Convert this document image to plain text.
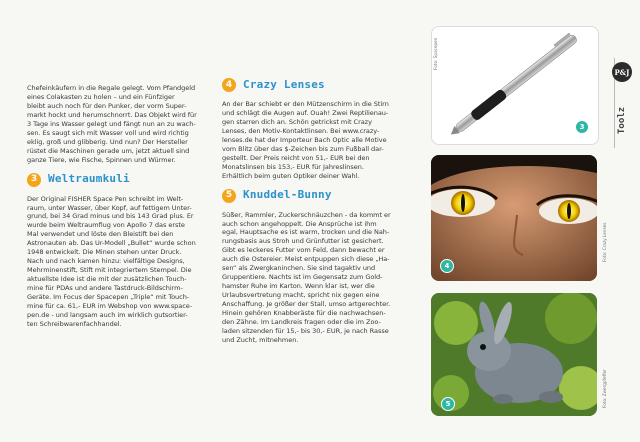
Chefeinkäufern in die Regale gelegt. Vom Pfandgeld
eines Colakasten zu holen – und ein Fünfziger
bleibt auch noch für den Punker, der vorm Super-
markt hockt und herumschnorrt. Das Objekt wird für
3 Tage ins Wasser gelegt und fängt nun an zu wach-
sen. Es saugt sich mit Wasser voll und wird richtig
eklig, groß und glibberig. Und nun? Der Hersteller
rüstet die Maschinen gerade um, jetzt aktuell sind
ganze Tiere, wie Fische, Spinnen und Würmer.

3 Weltraumkuli

Der Original FISHER Space Pen schreibt im Welt-
raum, unter Wasser, über Kopf, auf fettigem Unter-
grund, bei 34 Grad minus und bis 143 Grad plus. Er
wurde beim Weltraumflug von Apollo 7 das erste
Mal verwendet und löste den Bleistift bei den
Astronauten ab. Das Ur-Modell „Bullet“ wurde schon
1948 entwickelt. Die Minen stehen unter Druck.
Nach und nach kamen hinzu: vielfältige Designs,
Mehrminenstift, Stift mit integriertem Stempel. Die
aktuellste Idee ist die mit der zusätzlichen Touch-
mine für PDAs und andere Tastdruck-Bildschirm-
Geräte. Im Focus der Spacepen „Triple“ mit Touch-
mine für ca. 61,- EUR im Webshop von www.space-
pen.de - und langsam auch im wirklich gutsortier-
ten Schreibwarenfachhandel.

4 Crazy Lenses

An der Bar schiebt er den Mützenschirm in die Stirn
und schlägt die Augen auf. Ouah! Zwei Reptilienau-
gen starren dich an. Schön getrickst mit Crazy
Lenses, den Motiv-Kontaktlinsen. Bei www.crazy-
lenses.de hat der Importeur Bach Optic alle Motive
vom Blitz über das $-Zeichen bis zum Fußball dar-
gestellt. Der Preis reicht von 51,- EUR bei den
Monatslinsen bis 153,- EUR für Jahreslinsen.
Erhältlich beim guten Optiker deiner Wahl.

5 Knuddel-Bunny

Süßer, Rammler, Zuckerschnäuzchen - da kommt er
auch schon angehoppelt. Die Ansprüche ist ihm
egal, Hauptsache es ist warm, trocken und die Nah-
rungsbasis aus Stroh und Grünfutter ist gesichert.
Gibt es leckeres Futter vom Feld, dann bewacht er
auch die Ostereier. Meist entpuppen sich diese „Ha-
sen“ als Zwergkaninchen. Sie sind tagaktiv und
Gruppentiere. Nachts ist im Gegensatz zum Gold-
hamster Ruhe im Karton. Wenn klar ist, wer die
Urlaubsvertretung macht, spricht nix gegen eine
Anschaffung. Je größer der Stall, umso artgerechter.
Hinein gehören Knabberäste für die nachwachsen-
den Zähne. Im Landkreis fragen oder die im Zoo-
laden sitzenden für 15,- bis 30,- EUR, je nach Rasse
und Zucht, mitnehmen.

3
Foto: Spacepen
4
Foto: Crazy Lenses
5	Foto: Zwergpfeffer
P&J
Toolz
